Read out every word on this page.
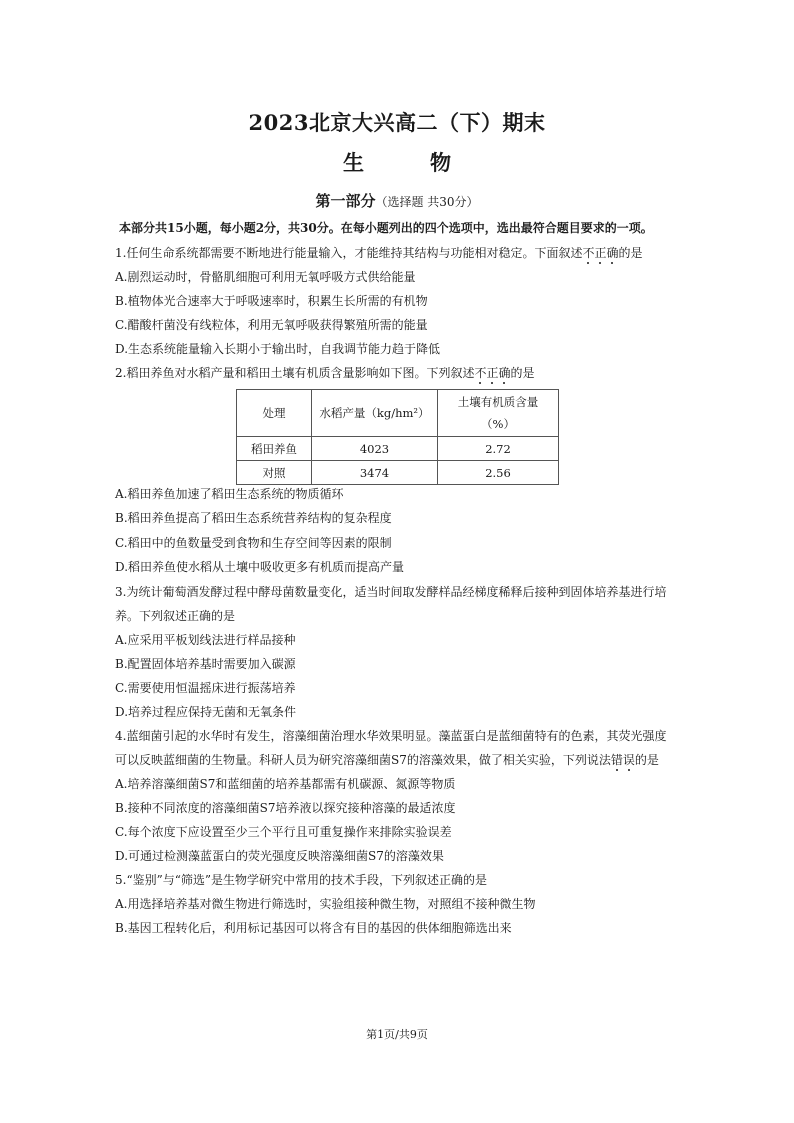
2023北京大兴高二（下）期末
生	物
第一部分（选择题 共30分）
本部分共15小题，每小题2分，共30分。在每小题列出的四个选项中，选出最符合题目要求的一项。
1.任何生命系统都需要不断地进行能量输入，才能维持其结构与功能相对稳定。下面叙述不正确的是
A.剧烈运动时，骨骼肌细胞可利用无氧呼吸方式供给能量
B.植物体光合速率大于呼吸速率时，积累生长所需的有机物
C.醋酸杆菌没有线粒体，利用无氧呼吸获得繁殖所需的能量
D.生态系统能量输入长期小于输出时，自我调节能力趋于降低
2.稻田养鱼对水稻产量和稻田土壤有机质含量影响如下图。下列叙述不正确的是
处理	水稻产量（kg/hm²）	土壤有机质含量
（%）

稻田养鱼	4023	2.72
对照	3474	2.56
A.稻田养鱼加速了稻田生态系统的物质循环
B.稻田养鱼提高了稻田生态系统营养结构的复杂程度
C.稻田中的鱼数量受到食物和生存空间等因素的限制
D.稻田养鱼使水稻从土壤中吸收更多有机质而提高产量
3.为统计葡萄酒发酵过程中酵母菌数量变化，适当时间取发酵样品经梯度稀释后接种到固体培养基进行培
养。下列叙述正确的是
A.应采用平板划线法进行样品接种
B.配置固体培养基时需要加入碳源
C.需要使用恒温摇床进行振荡培养
D.培养过程应保持无菌和无氧条件
4.蓝细菌引起的水华时有发生，溶藻细菌治理水华效果明显。藻蓝蛋白是蓝细菌特有的色素，其荧光强度
可以反映蓝细菌的生物量。科研人员为研究溶藻细菌S7的溶藻效果，做了相关实验，下列说法错误的是
A.培养溶藻细菌S7和蓝细菌的培养基都需有机碳源、氮源等物质
B.接种不同浓度的溶藻细菌S7培养液以探究接种溶藻的最适浓度
C.每个浓度下应设置至少三个平行且可重复操作来排除实验误差
D.可通过检测藻蓝蛋白的荧光强度反映溶藻细菌S7的溶藻效果
5.“鉴别”与“筛选”是生物学研究中常用的技术手段，下列叙述正确的是
A.用选择培养基对微生物进行筛选时，实验组接种微生物，对照组不接种微生物
B.基因工程转化后，利用标记基因可以将含有目的基因的供体细胞筛选出来
第1页/共9页
